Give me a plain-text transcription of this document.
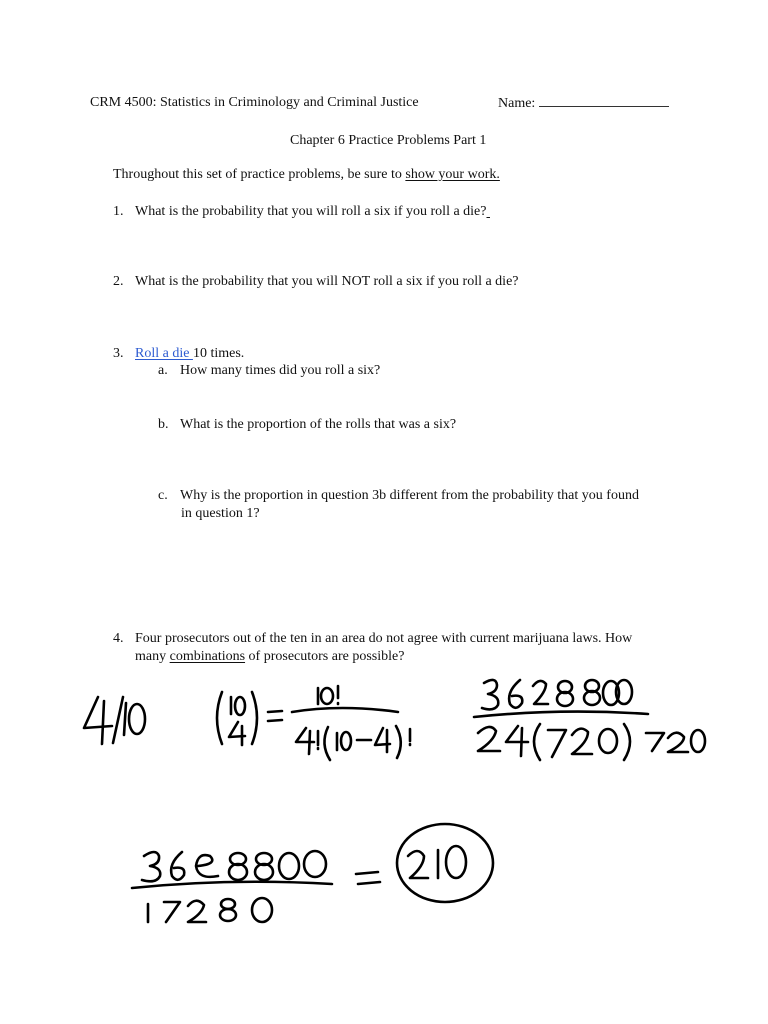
CRM 4500: Statistics in Criminology and Criminal Justice	Name:
Chapter 6 Practice Problems Part 1
Throughout this set of practice problems, be sure to show your work.
1. What is the probability that you will roll a six if you roll a die?
2. What is the probability that you will NOT roll a six if you roll a die?
3. Roll a die 10 times.
a. How many times did you roll a six?
b. What is the proportion of the rolls that was a six?
c. Why is the proportion in question 3b different from the probability that you found
in question 1?
4. Four prosecutors out of the ten in an area do not agree with current marijuana laws. How
many combinations of prosecutors are possible?
